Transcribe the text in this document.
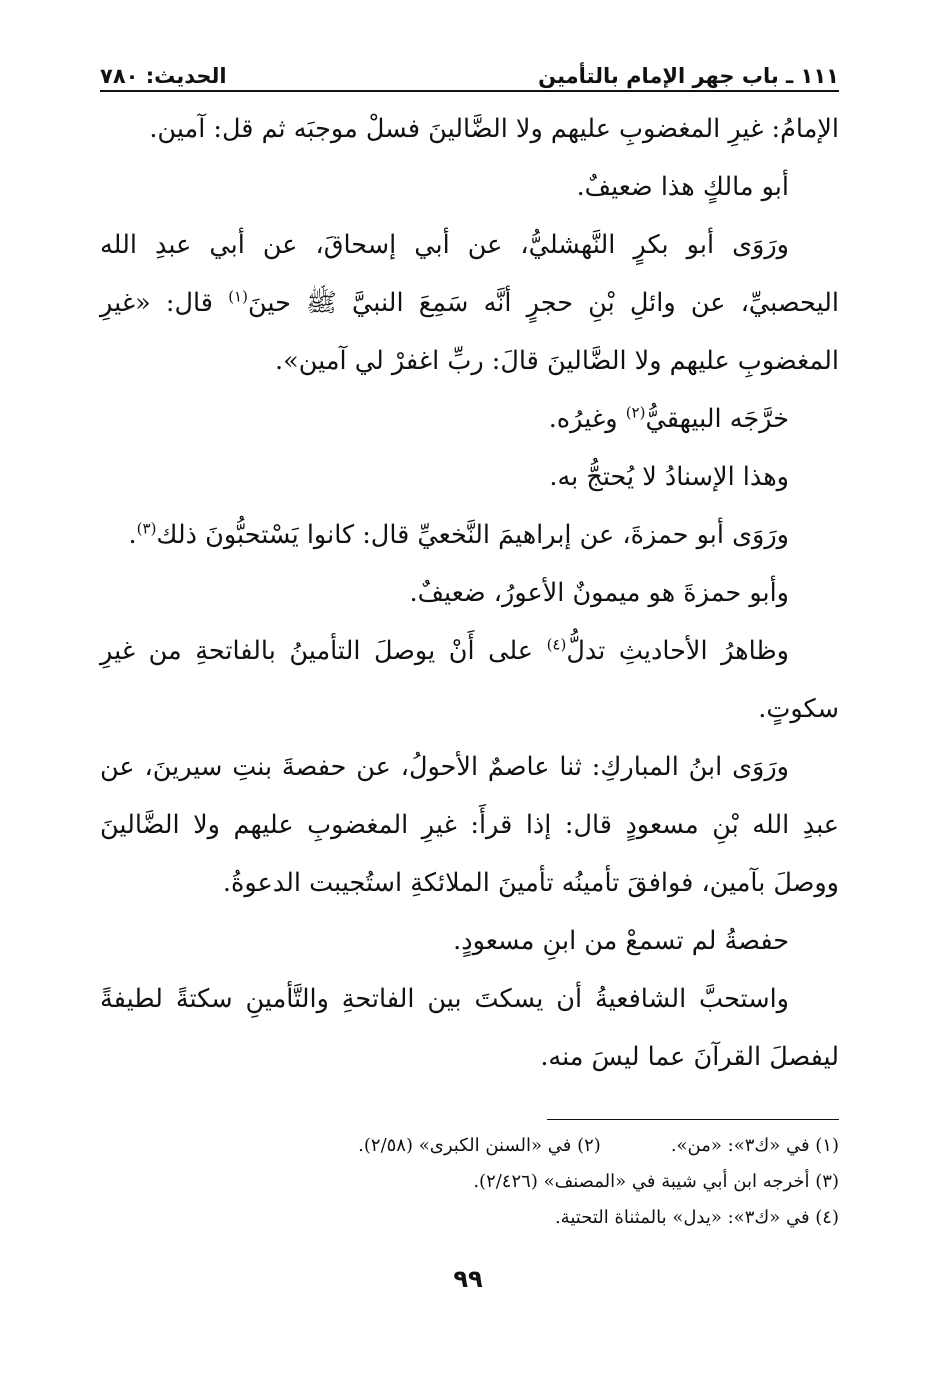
١١١ ـ باب جهر الإمام بالتأمين
الحديث: ٧٨٠

الإمامُ: غيرِ المغضوبِ عليهم ولا الضَّالينَ فسلْ موجبَه ثم قل: آمين.

أبو مالكٍ هذا ضعيفٌ.

ورَوَى أبو بكرٍ النَّهشليُّ، عن أبي إسحاقَ، عن أبي عبدِ الله اليحصبيِّ، عن وائلِ بْنِ حجرٍ أنَّه سَمِعَ النبيَّ ﷺ حينَ$^{(١)}$ قال: «غيرِ المغضوبِ عليهم ولا الضَّالينَ قالَ: ربِّ اغفرْ لي آمين».

خرَّجَه البيهقيُّ$^{(٢)}$ وغيرُه.

وهذا الإسنادُ لا يُحتجُّ به.

ورَوَى أبو حمزةَ، عن إبراهيمَ النَّخعيِّ قال: كانوا يَسْتحبُّونَ ذلك$^{(٣)}$.

وأبو حمزةَ هو ميمونٌ الأعورُ، ضعيفٌ.

وظاهرُ الأحاديثِ تدلُّ$^{(٤)}$ على أَنْ يوصلَ التأمينُ بالفاتحةِ من غيرِ سكوتٍ.

ورَوَى ابنُ المباركِ: ثنا عاصمٌ الأحولُ، عن حفصةَ بنتِ سيرينَ، عن عبدِ الله بْنِ مسعودٍ قال: إذا قرأَ: غيرِ المغضوبِ عليهم ولا الضَّالينَ ووصلَ بآمين، فوافقَ تأمينُه تأمينَ الملائكةِ استُجيبت الدعوةُ.

حفصةُ لم تسمعْ من ابنِ مسعودٍ.

واستحبَّ الشافعيةُ أن يسكتَ بين الفاتحةِ والتَّأمينِ سكتةً لطيفةً ليفصلَ القرآنَ عما ليسَ منه.

(١) في «ك٣»: «من».
(٢) في «السنن الكبرى» (٢/٥٨).
(٣) أخرجه ابن أبي شيبة في «المصنف» (٢/٤٢٦).
(٤) في «ك٣»: «يدل» بالمثناة التحتية.
٩٩
